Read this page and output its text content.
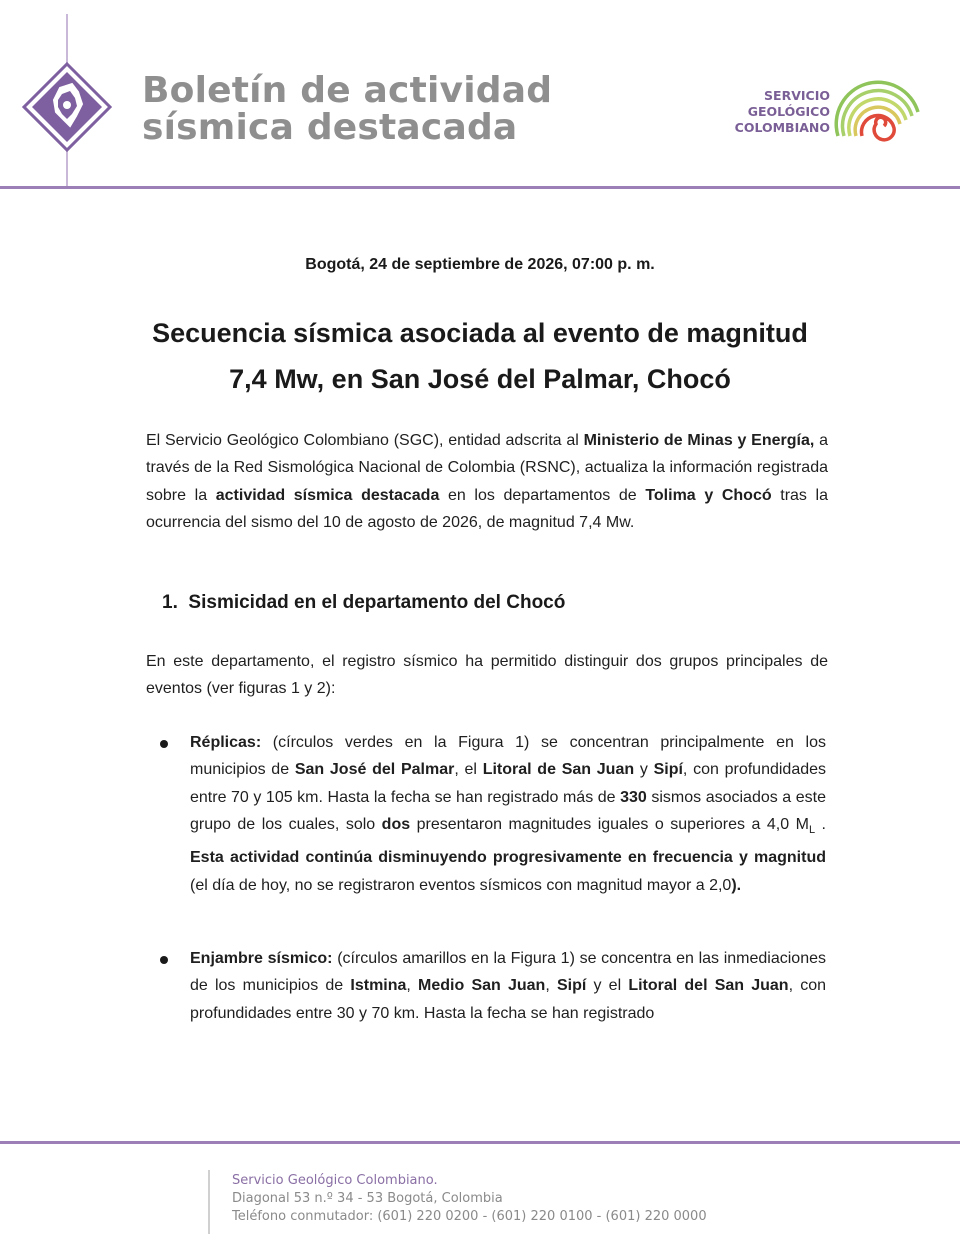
Boletín de actividad
sísmica destacada
SERVICIO
GEOLÓGICO
COLOMBIANO
Bogotá, 24 de septiembre de 2026, 07:00 p. m.
Secuencia sísmica asociada al evento de magnitud
7,4 Mw, en San José del Palmar, Chocó
El Servicio Geológico Colombiano (SGC), entidad adscrita al Ministerio de Minas y Energía, a través de la Red Sismológica Nacional de Colombia (RSNC), actualiza la información registrada sobre la actividad sísmica destacada en los departamentos de Tolima y Chocó tras la ocurrencia del sismo del 10 de agosto de 2026, de magnitud 7,4 Mw.
1. Sismicidad en el departamento del Chocó
En este departamento, el registro sísmico ha permitido distinguir dos grupos principales de eventos (ver figuras 1 y 2):
Réplicas: (círculos verdes en la Figura 1) se concentran principalmente en los municipios de San José del Palmar, el Litoral de San Juan y Sipí, con profundidades entre 70 y 105 km. Hasta la fecha se han registrado más de 330 sismos asociados a este grupo de los cuales, solo dos presentaron magnitudes iguales o superiores a 4,0 $M_L$ . Esta actividad continúa disminuyendo progresivamente en frecuencia y magnitud (el día de hoy, no se registraron eventos sísmicos con magnitud mayor a 2,0).
Enjambre sísmico: (círculos amarillos en la Figura 1) se concentra en las inmediaciones de los municipios de Istmina, Medio San Juan, Sipí y el Litoral del San Juan, con profundidades entre 30 y 70 km. Hasta la fecha se han registrado
Servicio Geológico Colombiano.
Diagonal 53 n.º 34 - 53 Bogotá, Colombia
Teléfono conmutador: (601) 220 0200 - (601) 220 0100 - (601) 220 0000
